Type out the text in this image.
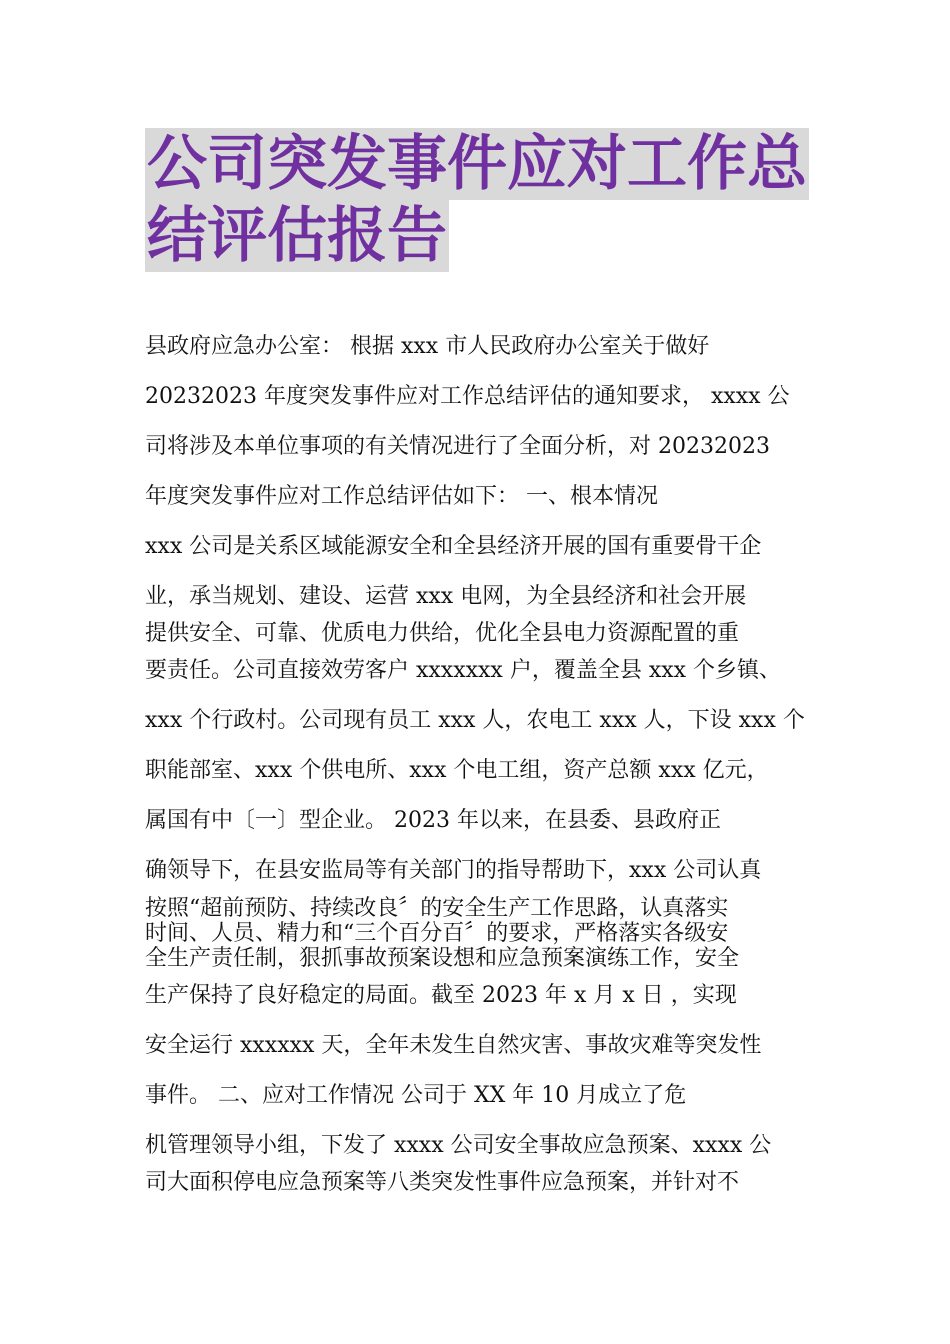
公司突发事件应对工作总
结评估报告
县政府应急办公室： 根据 xxx 市人民政府办公室关于做好
20232023 年度突发事件应对工作总结评估的通知要求， xxxx 公
司将涉及本单位事项的有关情况进行了全面分析，对 20232023
年度突发事件应对工作总结评估如下： 一、根本情况
xxx 公司是关系区域能源安全和全县经济开展的国有重要骨干企
业，承当规划、建设、运营 xxx 电网，为全县经济和社会开展
提供安全、可靠、优质电力供给，优化全县电力资源配置的重
要责任。公司直接效劳客户 xxxxxxx 户，覆盖全县 xxx 个乡镇、
xxx 个行政村。公司现有员工 xxx 人，农电工 xxx 人，下设 xxx 个
职能部室、xxx 个供电所、xxx 个电工组，资产总额 xxx 亿元，
属国有中〔一〕型企业。 2023 年以来，在县委、县政府正
确领导下，在县安监局等有关部门的指导帮助下，xxx 公司认真
按照“超前预防、持续改良〞的安全生产工作思路，认真落实
时间、人员、精力和“三个百分百〞的要求，严格落实各级安
全生产责任制，狠抓事故预案设想和应急预案演练工作，安全
生产保持了良好稳定的局面。截至 2023 年 x 月 x 日 ，实现
安全运行 xxxxxx 天，全年未发生自然灾害、事故灾难等突发性
事件。 二、应对工作情况 公司于 XX 年 10 月成立了危
机管理领导小组，下发了 xxxx 公司安全事故应急预案、xxxx 公
司大面积停电应急预案等八类突发性事件应急预案，并针对不
